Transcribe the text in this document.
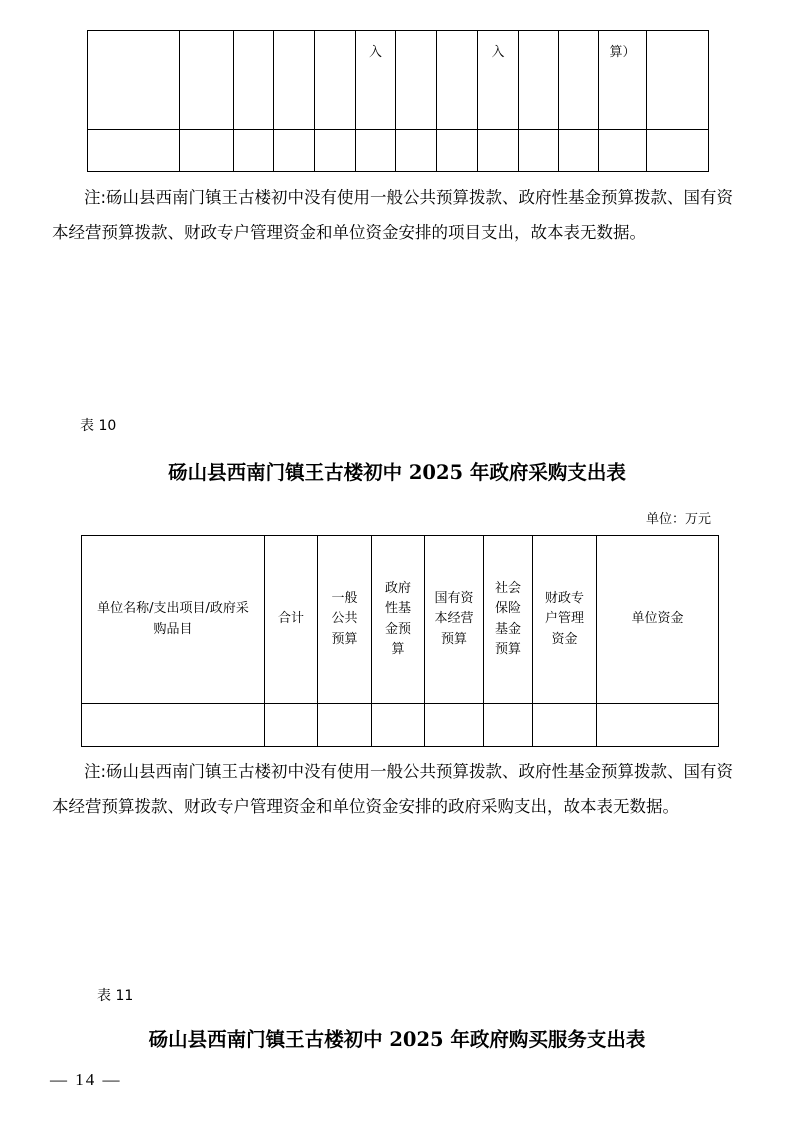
					入			入			算）	

注:砀山县西南门镇王古楼初中没有使用一般公共预算拨款、政府性基金预算拨款、国有资本经营预算拨款、财政专户管理资金和单位资金安排的项目支出，故本表无数据。

表 10
砀山县西南门镇王古楼初中 2025 年政府采购支出表
单位：万元
单位名称/支出项目/政府采
购品目	合计	一般
公共
预算	政府
性基
金预
算	国有资
本经营
预算	社会
保险
基金
预算	财政专
户管理
资金	单位资金

注:砀山县西南门镇王古楼初中没有使用一般公共预算拨款、政府性基金预算拨款、国有资本经营预算拨款、财政专户管理资金和单位资金安排的政府采购支出，故本表无数据。

表 11
砀山县西南门镇王古楼初中 2025 年政府购买服务支出表
— 14 —
